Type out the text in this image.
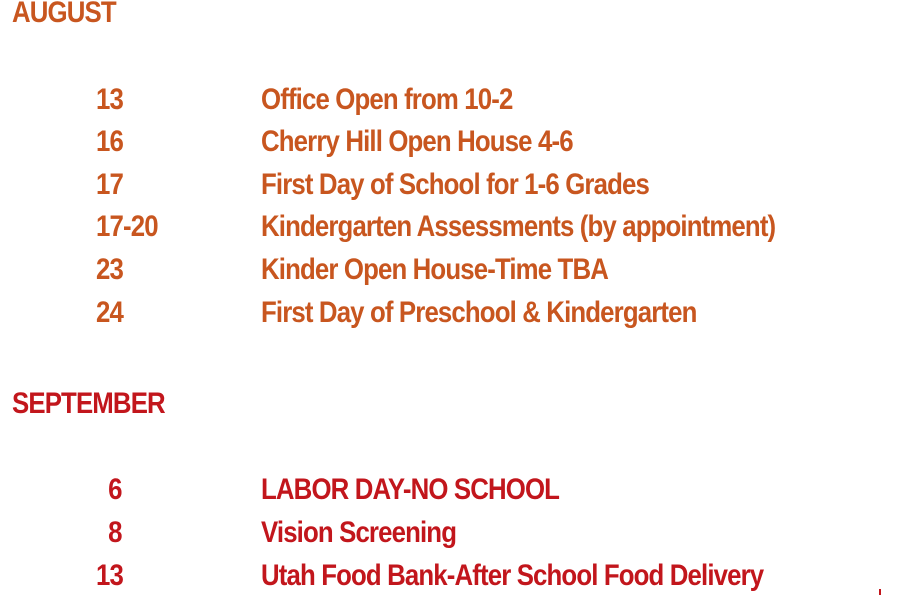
AUGUST
13	Office Open from 10-2
16	Cherry Hill Open House 4-6
17	First Day of School for 1-6 Grades
17-20	Kindergarten Assessments (by appointment)
23	Kinder Open House-Time TBA
24	First Day of Preschool & Kindergarten
SEPTEMBER
6	LABOR DAY-NO SCHOOL
8	Vision Screening
13	Utah Food Bank-After School Food Delivery
